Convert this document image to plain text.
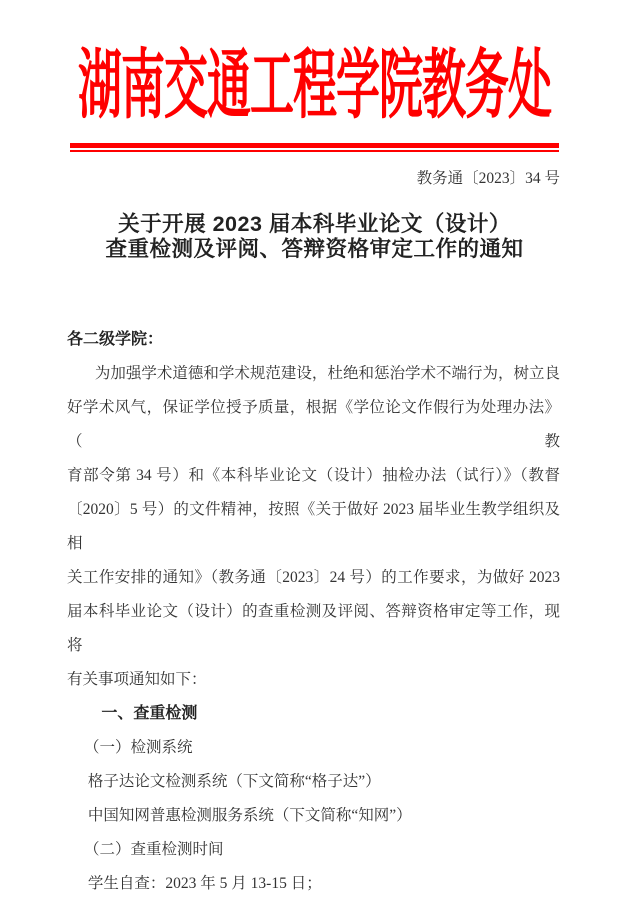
湖南交通工程学院教务处
教务通〔2023〕34 号
关于开展 2023 届本科毕业论文（设计）
查重检测及评阅、答辩资格审定工作的通知
各二级学院：
为加强学术道德和学术规范建设，杜绝和惩治学术不端行为，树立良
好学术风气，保证学位授予质量，根据《学位论文作假行为处理办法》（教
育部令第 34 号）和《本科毕业论文（设计）抽检办法（试行）》（教督
〔2020〕5 号）的文件精神，按照《关于做好 2023 届毕业生教学组织及相
关工作安排的通知》（教务通〔2023〕24 号）的工作要求，为做好 2023
届本科毕业论文（设计）的查重检测及评阅、答辩资格审定等工作，现将
有关事项通知如下：
一、查重检测
（一）检测系统
格子达论文检测系统（下文简称“格子达”）
中国知网普惠检测服务系统（下文简称“知网”）
（二）查重检测时间
学生自查：2023 年 5 月 13-15 日；
